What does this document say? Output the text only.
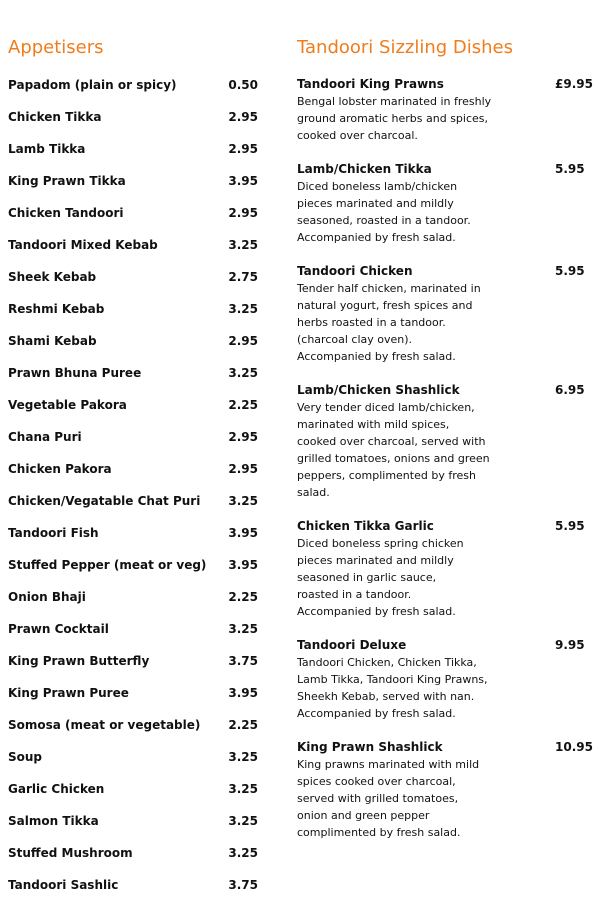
Appetisers
Papadom (plain or spicy)	0.50
Chicken Tikka	2.95
Lamb Tikka	2.95
King Prawn Tikka	3.95
Chicken Tandoori	2.95
Tandoori Mixed Kebab	3.25
Sheek Kebab	2.75
Reshmi Kebab	3.25
Shami Kebab	2.95
Prawn Bhuna Puree	3.25
Vegetable Pakora	2.25
Chana Puri	2.95
Chicken Pakora	2.95
Chicken/Vegatable Chat Puri 3.25
Tandoori Fish	3.95
Stuffed Pepper (meat or veg) 3.95
Onion Bhaji	2.25
Prawn Cocktail	3.25
King Prawn Butterfly	3.75
King Prawn Puree	3.95
Somosa (meat or vegetable) 2.25
Soup	3.25
Garlic Chicken	3.25
Salmon Tikka	3.25
Stuffed Mushroom	3.25
Tandoori Sashlic	3.75
Tandoori Sizzling Dishes
Tandoori King Prawns	£9.95
Bengal lobster marinated in freshly
ground aromatic herbs and spices,
cooked over charcoal.
Lamb/Chicken Tikka	5.95
Diced boneless lamb/chicken
pieces marinated and mildly
seasoned, roasted in a tandoor.
Accompanied by fresh salad.
Tandoori Chicken	5.95
Tender half chicken, marinated in
natural yogurt, fresh spices and
herbs roasted in a tandoor.
(charcoal clay oven).
Accompanied by fresh salad.
Lamb/Chicken Shashlick	6.95
Very tender diced lamb/chicken,
marinated with mild spices,
cooked over charcoal, served with
grilled tomatoes, onions and green
peppers, complimented by fresh
salad.
Chicken Tikka Garlic	5.95
Diced boneless spring chicken
pieces marinated and mildly
seasoned in garlic sauce,
roasted in a tandoor.
Accompanied by fresh salad.
Tandoori Deluxe	9.95
Tandoori Chicken, Chicken Tikka,
Lamb Tikka, Tandoori King Prawns,
Sheekh Kebab, served with nan.
Accompanied by fresh salad.
King Prawn Shashlick	10.95
King prawns marinated with mild
spices cooked over charcoal,
served with grilled tomatoes,
onion and green pepper
complimented by fresh salad.
